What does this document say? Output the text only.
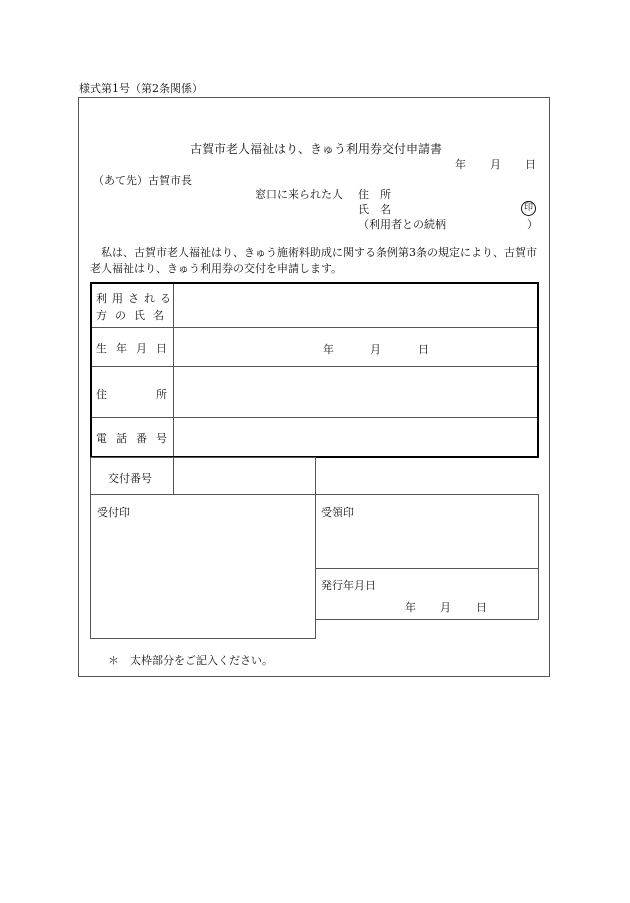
様式第1号（第2条関係）
古賀市老人福祉はり、きゅう利用券交付申請書
年 月 日
（あて先）古賀市長
窓口に来られた人 住　所
氏　名	印
（利用者との続柄	）
私は、古賀市老人福祉はり、きゅう施術料助成に関する条例第3条の規定により、古賀市老人福祉はり、きゅう利用券の交付を申請します。
利用される
方の氏名
生年月日	年	月	日
住	所
電話番号
交付番号
受付印	受領印
発行年月日
年 月 日
＊　太枠部分をご記入ください。
